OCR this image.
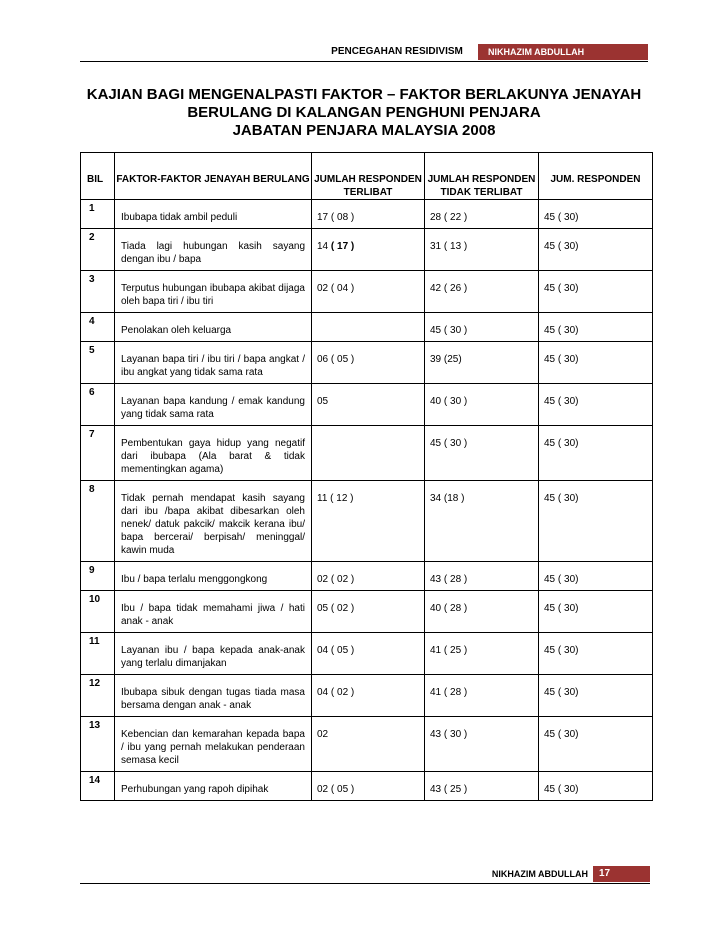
PENCEGAHAN RESIDIVISM	NIKHAZIM ABDULLAH
KAJIAN BAGI MENGENALPASTI FAKTOR – FAKTOR BERLAKUNYA JENAYAH
BERULANG DI KALANGAN PENGHUNI PENJARA
JABATAN PENJARA MALAYSIA 2008
BIL	FAKTOR-FAKTOR JENAYAH BERULANG	JUMLAH RESPONDEN TERLIBAT	JUMLAH RESPONDEN TIDAK TERLIBAT	JUM. RESPONDEN
1	Ibubapa tidak ambil peduli	17 ( 08 )	28 ( 22 )	45 ( 30)
2	Tiada lagi hubungan kasih sayang dengan ibu / bapa	14 ( 17 )	31 ( 13 )	45 ( 30)
3	Terputus hubungan ibubapa akibat dijaga oleh bapa tiri / ibu tiri	02 ( 04 )	42 ( 26 )	45 ( 30)
4	Penolakan oleh keluarga		45 ( 30 )	45 ( 30)
5	Layanan bapa tiri / ibu tiri / bapa angkat / ibu angkat yang tidak sama rata	06 ( 05 )	39 (25)	45 ( 30)
6	Layanan bapa kandung / emak kandung yang tidak sama rata	05	40 ( 30 )	45 ( 30)
7	Pembentukan gaya hidup yang negatif dari ibubapa (Ala barat & tidak mementingkan agama)		45 ( 30 )	45 ( 30)
8	Tidak pernah mendapat kasih sayang dari ibu /bapa akibat dibesarkan oleh nenek/ datuk pakcik/ makcik kerana ibu/ bapa bercerai/ berpisah/ meninggal/ kawin muda	11 ( 12 )	34 (18 )	45 ( 30)
9	Ibu / bapa terlalu menggongkong	02 ( 02 )	43 ( 28 )	45 ( 30)
10	Ibu / bapa tidak memahami jiwa / hati anak - anak	05 ( 02 )	40 ( 28 )	45 ( 30)
11	Layanan ibu / bapa kepada anak-anak yang terlalu dimanjakan	04 ( 05 )	41 ( 25 )	45 ( 30)
12	Ibubapa sibuk dengan tugas tiada masa bersama dengan anak - anak	04 ( 02 )	41 ( 28 )	45 ( 30)
13	Kebencian dan kemarahan kepada bapa / ibu yang pernah melakukan penderaan semasa kecil	02	43 ( 30 )	45 ( 30)
14	Perhubungan yang rapoh dipihak	02 ( 05 )	43 ( 25 )	45 ( 30)
NIKHAZIM ABDULLAH	17
